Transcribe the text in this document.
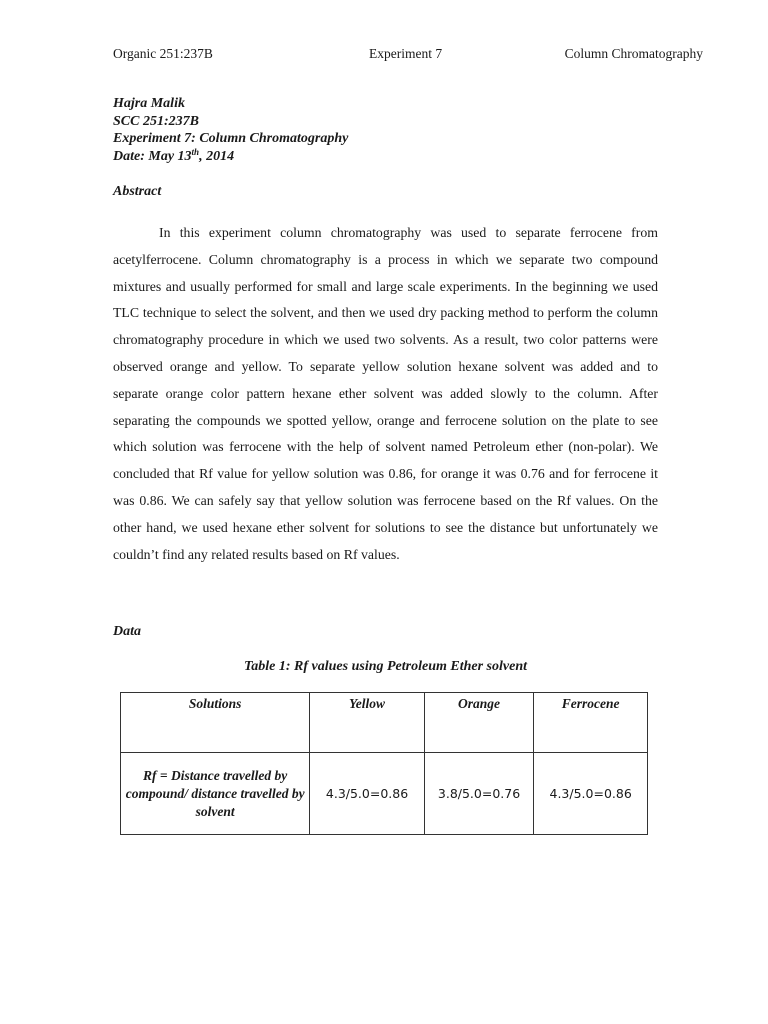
Organic 251:237B	Experiment 7	Column Chromatography
Hajra Malik
SCC 251:237B
Experiment 7: Column Chromatography
Date: May 13th, 2014
Abstract

In this experiment column chromatography was used to separate ferrocene from acetylferrocene. Column chromatography is a process in which we separate two compound mixtures and usually performed for small and large scale experiments. In the beginning we used TLC technique to select the solvent, and then we used dry packing method to perform the column chromatography procedure in which we used two solvents. As a result, two color patterns were observed orange and yellow. To separate yellow solution hexane solvent was added and to separate orange color pattern hexane ether solvent was added slowly to the column. After separating the compounds we spotted yellow, orange and ferrocene solution on the plate to see which solution was ferrocene with the help of solvent named Petroleum ether (non-polar). We concluded that Rf value for yellow solution was 0.86, for orange it was 0.76 and for ferrocene it was 0.86. We can safely say that yellow solution was ferrocene based on the Rf values. On the other hand, we used hexane ether solvent for solutions to see the distance but unfortunately we couldn’t find any related results based on Rf values.

Data
Table 1: Rf values using Petroleum Ether solvent
Solutions	Yellow	Orange	Ferrocene
Rf = Distance travelled by compound/ distance travelled by solvent	4.3/5.0=0.86	3.8/5.0=0.76	4.3/5.0=0.86
